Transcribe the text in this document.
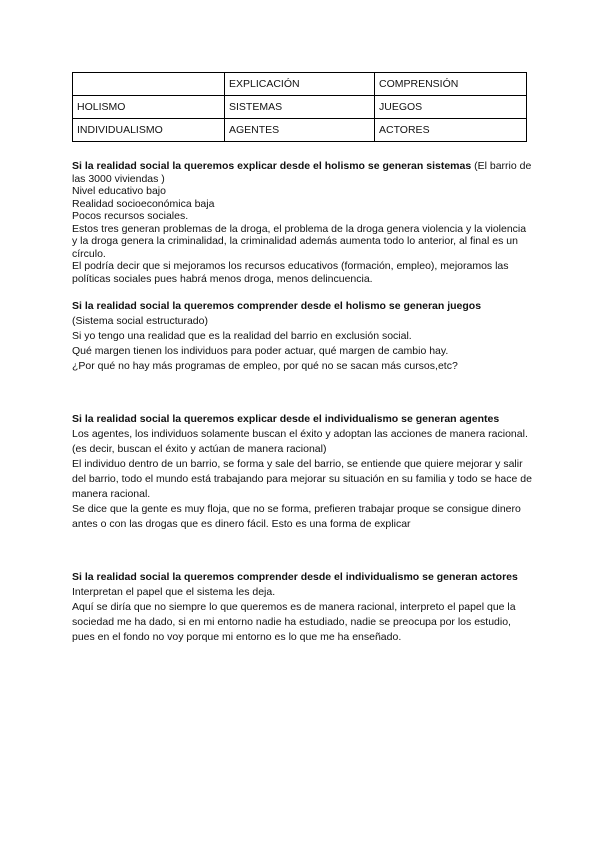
	EXPLICACIÓN	COMPRENSIÓN
HOLISMO	SISTEMAS	JUEGOS
INDIVIDUALISMO	AGENTES	ACTORES

Si la realidad social la queremos explicar desde el holismo se generan sistemas (El barrio de las 3000 viviendas )

Nivel educativo bajo

Realidad socioeconómica baja

Pocos recursos sociales.

Estos tres generan problemas de la droga, el problema de la droga genera violencia y la violencia y la droga genera la criminalidad, la criminalidad además aumenta todo lo anterior, al final es un círculo.

El podría decir que si mejoramos los recursos educativos (formación, empleo), mejoramos las políticas sociales pues habrá menos droga, menos delincuencia.

Si la realidad social la queremos comprender desde el holismo se generan juegos

(Sistema social estructurado)

Si yo tengo una realidad que es la realidad del barrio en exclusión social.

Qué margen tienen los individuos para poder actuar, qué margen de cambio hay.

¿Por qué no hay más programas de empleo, por qué no se sacan más cursos,etc?

Si la realidad social la queremos explicar desde el individualismo se generan agentes

Los agentes, los individuos solamente buscan el éxito y adoptan las acciones de manera racional. (es decir, buscan el éxito y actúan de manera racional)

El individuo dentro de un barrio, se forma y sale del barrio, se entiende que quiere mejorar y salir del barrio, todo el mundo está trabajando para mejorar su situación en su familia y todo se hace de manera racional.

Se dice que la gente es muy floja, que no se forma, prefieren trabajar proque se consigue dinero antes o con las drogas que es dinero fácil. Esto es una forma de explicar

Si la realidad social la queremos comprender desde el individualismo se generan actores

Interpretan el papel que el sistema les deja.

Aquí se diría que no siempre lo que queremos es de manera racional, interpreto el papel que la sociedad me ha dado, si en mi entorno nadie ha estudiado, nadie se preocupa por los estudio, pues en el fondo no voy porque mi entorno es lo que me ha enseñado.
